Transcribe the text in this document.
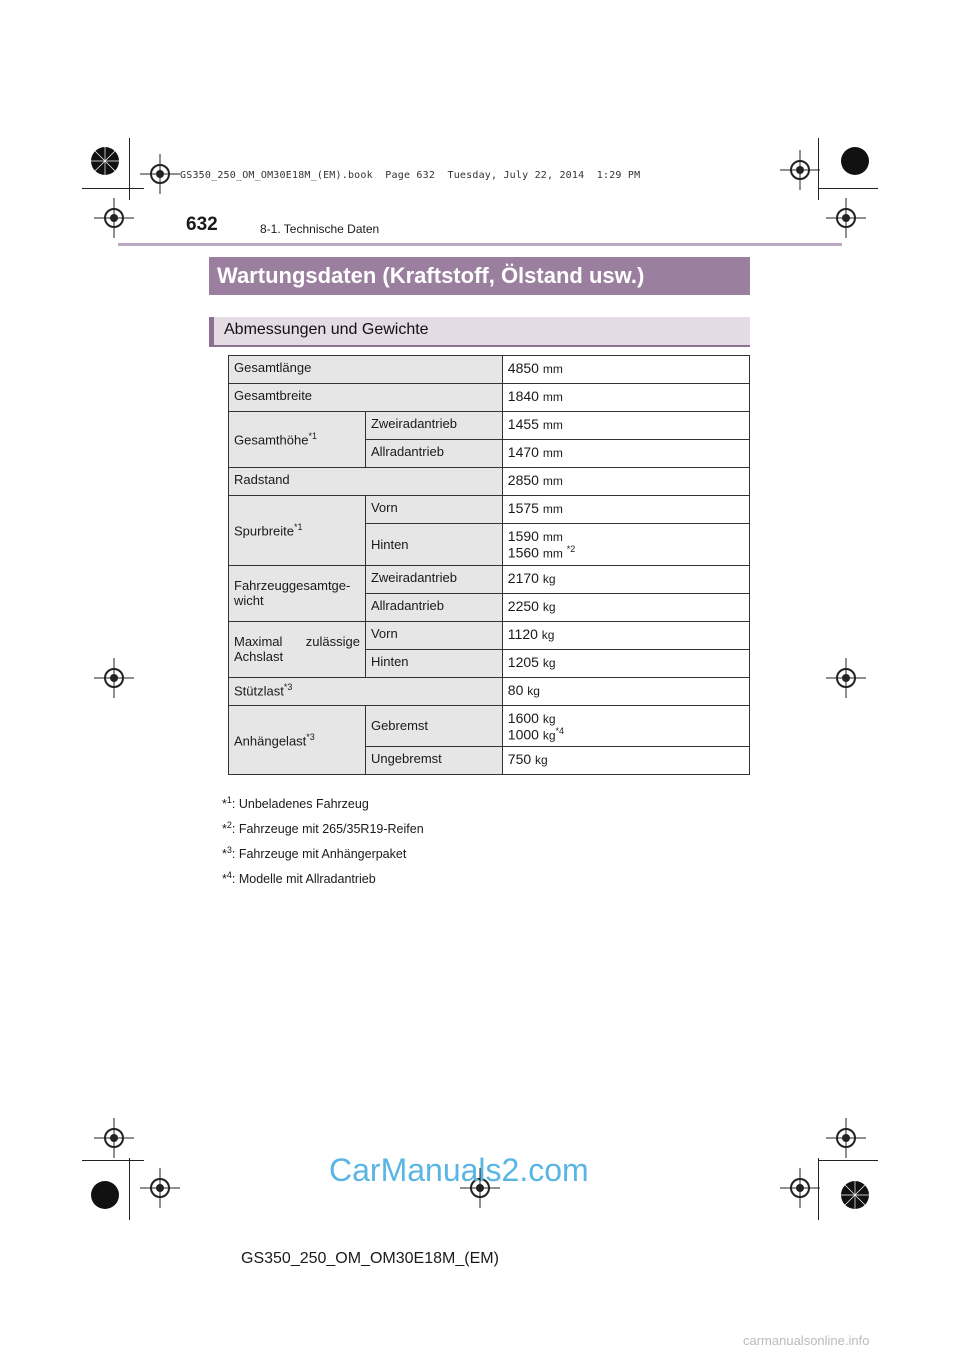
GS350_250_OM_OM30E18M_(EM).book  Page 632  Tuesday, July 22, 2014  1:29 PM
632	8-1. Technische Daten
Wartungsdaten (Kraftstoff, Ölstand usw.)
Abmessungen und Gewichte
Gesamtlänge		4850 mm
Gesamtbreite		1840 mm
Gesamthöhe$^{*1}$	Zweiradantrieb	1455 mm
	Allradantrieb	1470 mm
Radstand		2850 mm
Spurbreite$^{*1}$	Vorn	1575 mm
	Hinten	1590 mm
1560 mm $^{*2}$

Fahrzeuggesamtge-
wicht	Zweiradantrieb	2170 kg
	Allradantrieb	2250 kg

Maximal zulässige
Achslast	Vorn	1120 kg
	Hinten	1205 kg
Stützlast$^{*3}$		80 kg
Anhängelast$^{*3}$	Gebremst	1600 kg
1000 $kg^{*4}$

	Ungebremst	750 kg
*$^1$: Unbeladenes Fahrzeug
*$^2$: Fahrzeuge mit 265/35R19-Reifen
*$^3$: Fahrzeuge mit Anhängerpaket
*$^4$: Modelle mit Allradantrieb
CarManuals2.com
GS350_250_OM_OM30E18M_(EM)
carmanualsonline.info
